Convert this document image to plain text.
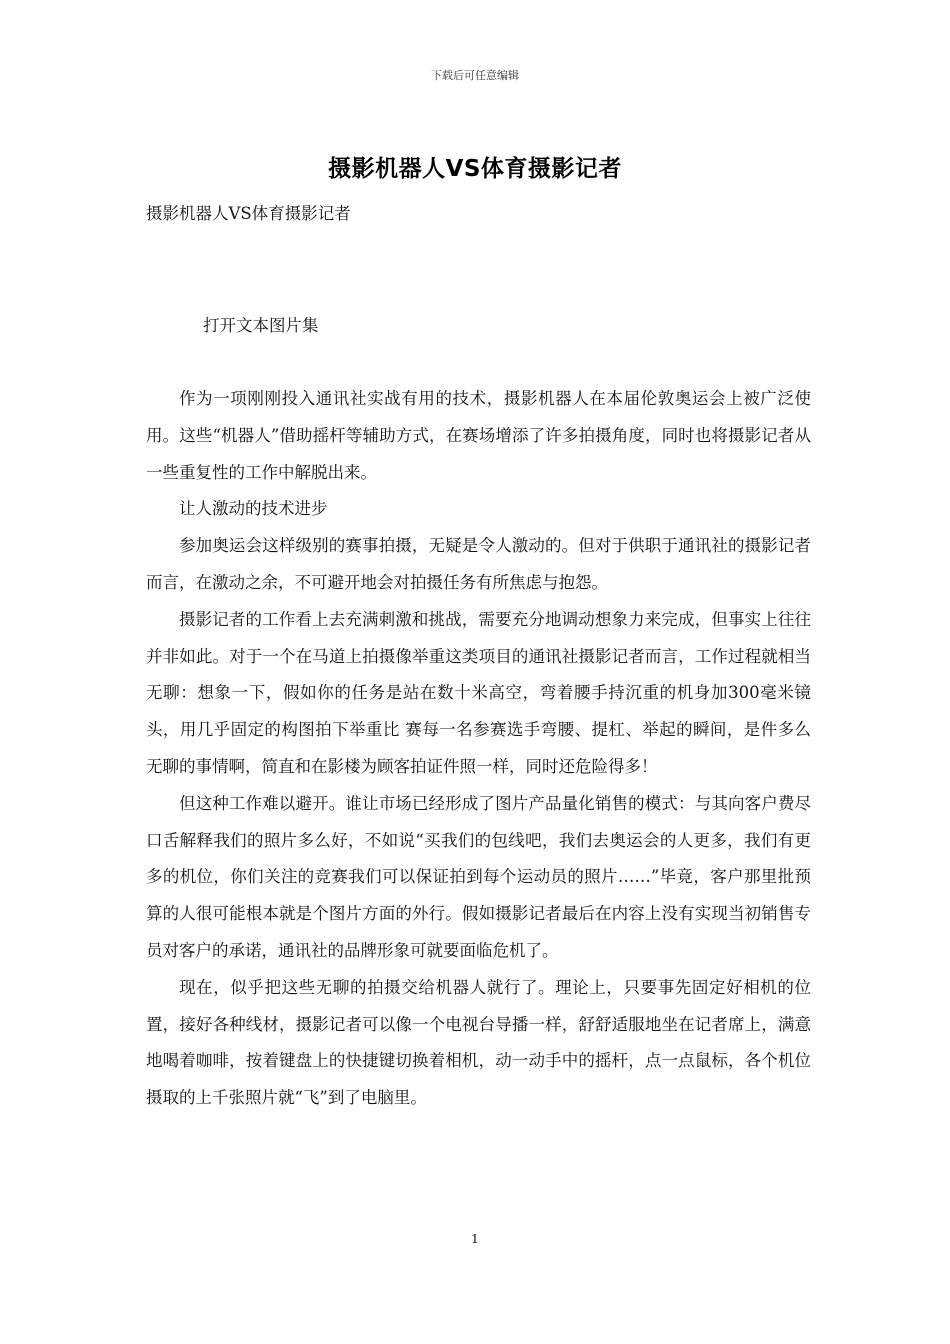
下载后可任意编辑
摄影机器人VS体育摄影记者
摄影机器人VS体育摄影记者
打开文本图片集

作为一项刚刚投入通讯社实战有用的技术，摄影机器人在本届伦敦奥运会上被广泛使用。这些“机器人”借助摇杆等辅助方式，在赛场增添了许多拍摄角度，同时也将摄影记者从一些重复性的工作中解脱出来。

让人激动的技术进步

参加奥运会这样级别的赛事拍摄，无疑是令人激动的。但对于供职于通讯社的摄影记者而言，在激动之余，不可避开地会对拍摄任务有所焦虑与抱怨。

摄影记者的工作看上去充满刺激和挑战，需要充分地调动想象力来完成，但事实上往往并非如此。对于一个在马道上拍摄像举重这类项目的通讯社摄影记者而言，工作过程就相当无聊：想象一下，假如你的任务是站在数十米高空，弯着腰手持沉重的机身加300毫米镜头，用几乎固定的构图拍下举重比 赛每一名参赛选手弯腰、提杠、举起的瞬间，是件多么无聊的事情啊，简直和在影楼为顾客拍证件照一样，同时还危险得多！

但这种工作难以避开。谁让市场已经形成了图片产品量化销售的模式：与其向客户费尽口舌解释我们的照片多么好，不如说“买我们的包线吧，我们去奥运会的人更多，我们有更多的机位，你们关注的竞赛我们可以保证拍到每个运动员的照片……”毕竟，客户那里批预算的人很可能根本就是个图片方面的外行。假如摄影记者最后在内容上没有实现当初销售专员对客户的承诺，通讯社的品牌形象可就要面临危机了。

现在，似乎把这些无聊的拍摄交给机器人就行了。理论上，只要事先固定好相机的位置，接好各种线材，摄影记者可以像一个电视台导播一样，舒舒适服地坐在记者席上，满意地喝着咖啡，按着键盘上的快捷键切换着相机，动一动手中的摇杆，点一点鼠标，各个机位摄取的上千张照片就“飞”到了电脑里。

1
